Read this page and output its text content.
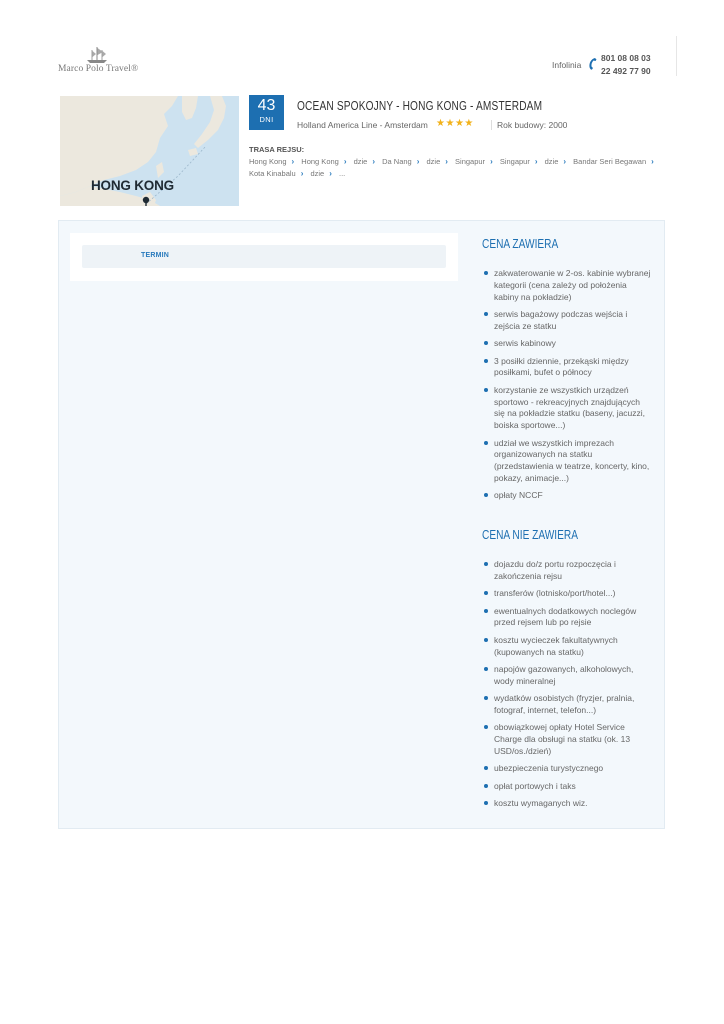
Marco Polo Travel®	Infolinia
801 08 08 03
22 492 77 90
HONG KONG
43
DNI
OCEAN SPOKOJNY - HONG KONG - AMSTERDAM
Holland America Line - Amsterdam ★★★★	Rok budowy: 2000
TRASA REJSU:
Hong Kong › Hong Kong › dzie › Da Nang › dzie › Singapur › Singapur › dzie › Bandar Seri Begawan › Kota Kinabalu › dzie › ...
TERMIN
CENA ZAWIERA
zakwaterowanie w 2-os. kabinie wybranej kategorii (cena zależy od położenia kabiny na pokładzie)
serwis bagażowy podczas wejścia i zejścia ze statku
serwis kabinowy
3 posiłki dziennie, przekąski między posiłkami, bufet o północy
korzystanie ze wszystkich urządzeń sportowo - rekreacyjnych znajdujących się na pokładzie statku (baseny, jacuzzi, boiska sportowe...)
udział we wszystkich imprezach organizowanych na statku (przedstawienia w teatrze, koncerty, kino, pokazy, animacje...)
opłaty NCCF
CENA NIE ZAWIERA
dojazdu do/z portu rozpoczęcia i zakończenia rejsu
transferów (lotnisko/port/hotel...)
ewentualnych dodatkowych noclegów przed rejsem lub po rejsie
kosztu wycieczek fakultatywnych (kupowanych na statku)
napojów gazowanych, alkoholowych, wody mineralnej
wydatków osobistych (fryzjer, pralnia, fotograf, internet, telefon...)
obowiązkowej opłaty Hotel Service Charge dla obsługi na statku (ok. 13 USD/os./dzień)
ubezpieczenia turystycznego
opłat portowych i taks
kosztu wymaganych wiz.
